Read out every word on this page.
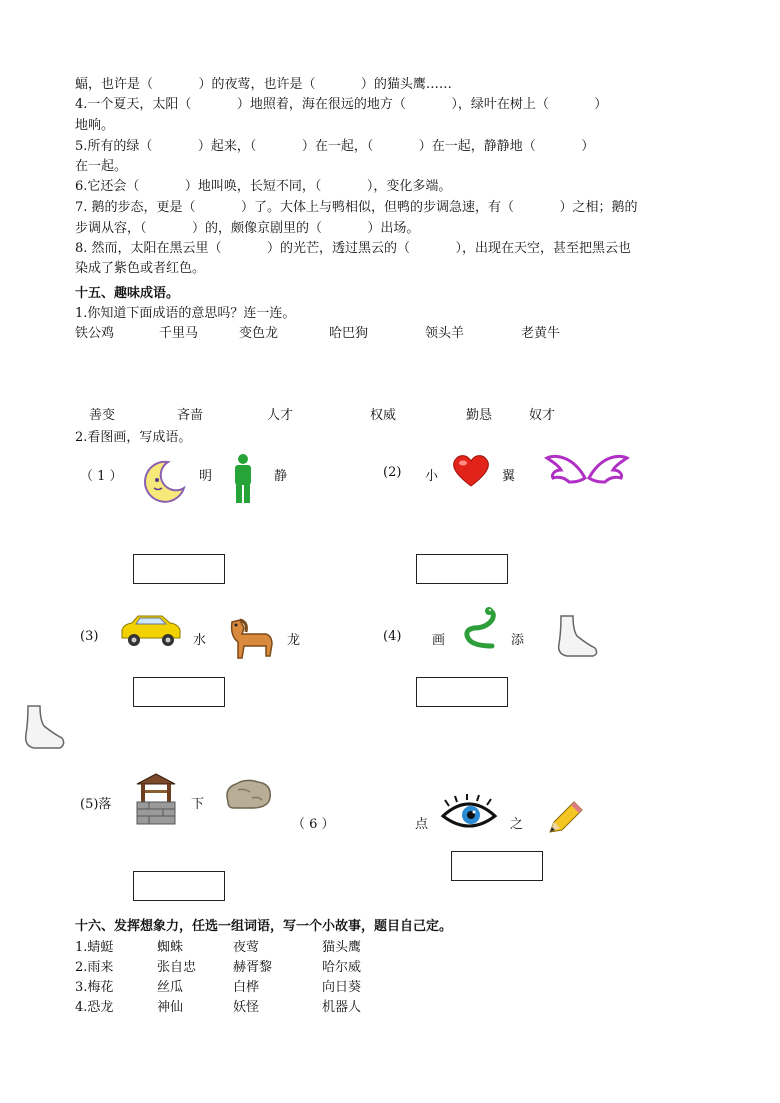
蝠，也许是（           ）的夜莺，也许是（           ）的猫头鹰……
4.一个夏天，太阳（           ）地照着，海在很远的地方（           ），绿叶在树上（           ）
地响。
5.所有的绿（           ）起来，（           ）在一起，（           ）在一起，静静地（           ）
在一起。
6.它还会（           ）地叫唤，长短不同，（           ），变化多端。
7. 鹅的步态，更是（           ）了。大体上与鸭相似，但鸭的步调急速，有（           ）之相；鹅的
步调从容，（           ）的，颇像京剧里的（           ）出场。
8. 然而，太阳在黑云里（           ）的光芒，透过黑云的（           ），出现在天空，甚至把黑云也
染成了紫色或者红色。
十五、趣味成语。
1.你知道下面成语的意思吗？连一连。
铁公鸡	千里马	变色龙	哈巴狗	领头羊	老黄牛
善变	吝啬	人才	权威	勤恳	奴才
2.看图画，写成语。
（ 1 ）	明	静	(2) 小	翼
(3)	水	龙	(4) 画	添
(5)落	下
（ 6 ）	点	之
十六、发挥想象力，任选一组词语，写一个小故事，题目自己定。
1.蜻蜓	蜘蛛	夜莺	猫头鹰
2.雨来	张自忠	赫胥黎	哈尔威
3.梅花	丝瓜	白桦	向日葵
4.恐龙	神仙	妖怪	机器人
